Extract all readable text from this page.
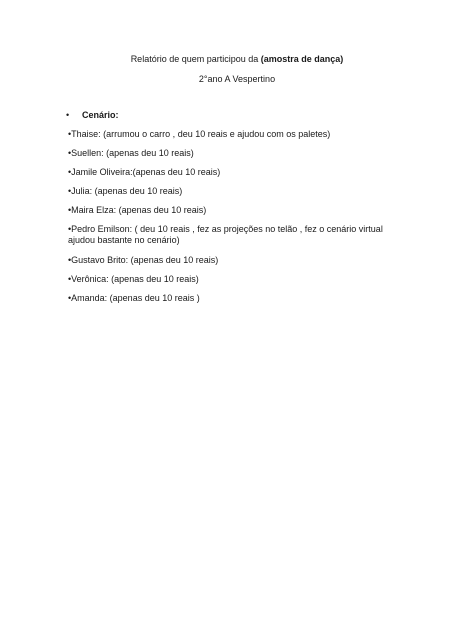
Relatório de quem participou da (amostra de dança)
2°ano A Vespertino
• Cenário:
•Thaise: (arrumou o carro , deu 10 reais e ajudou com os paletes)
•Suellen: (apenas deu 10 reais)
•Jamile Oliveira:(apenas deu 10 reais)
•Julia: (apenas deu 10 reais)
•Maira Elza: (apenas deu 10 reais)
•Pedro Emilson: ( deu 10 reais , fez as projeções no telão , fez o cenário virtual ajudou bastante no cenário)
•Gustavo Brito: (apenas deu 10 reais)
•Verônica: (apenas deu 10 reais)
•Amanda: (apenas deu 10 reais )
